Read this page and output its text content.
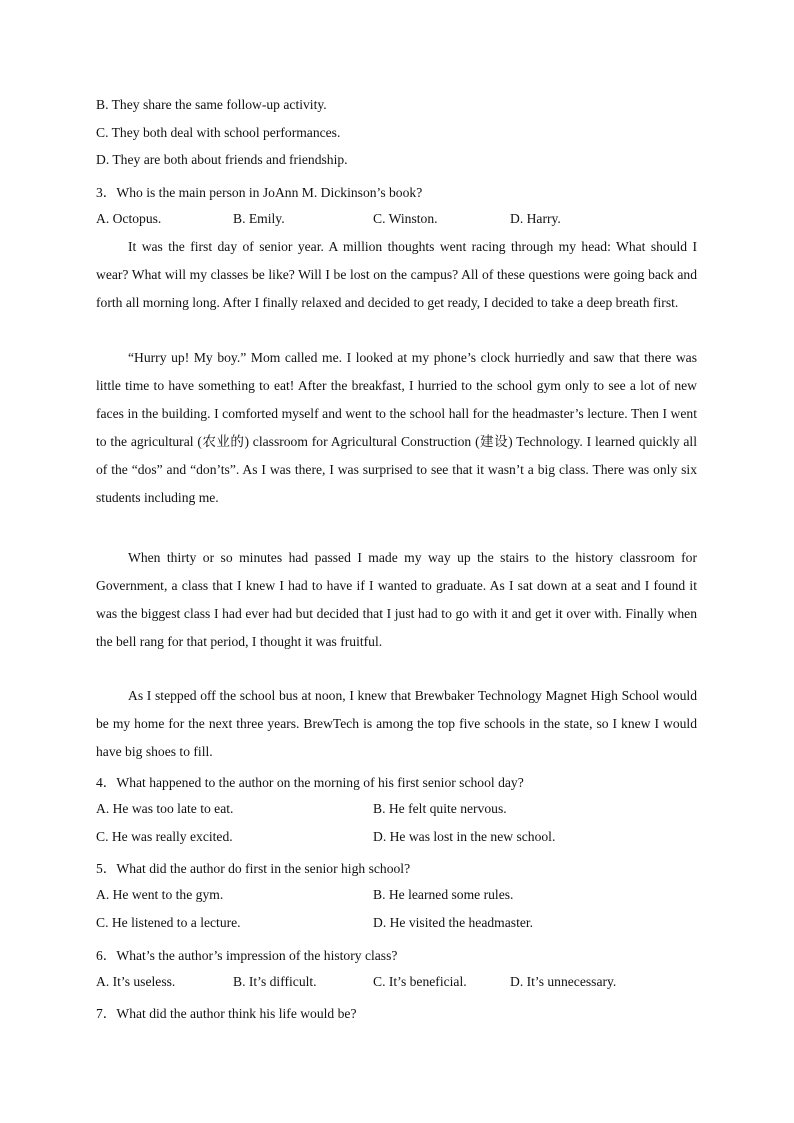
B. They share the same follow-up activity.
C. They both deal with school performances.
D. They are both about friends and friendship.
3．Who is the main person in JoAnn M. Dickinson’s book?
A. Octopus.	B. Emily.	C. Winston.	D. Harry.

It was the first day of senior year. A million thoughts went racing through my head: What should I wear? What will my classes be like? Will I be lost on the campus? All of these questions were going back and forth all morning long. After I finally relaxed and decided to get ready, I decided to take a deep breath first.

“Hurry up! My boy.” Mom called me. I looked at my phone’s clock hurriedly and saw that there was little time to have something to eat! After the breakfast, I hurried to the school gym only to see a lot of new faces in the building. I comforted myself and went to the school hall for the headmaster’s lecture. Then I went to the agricultural (农业的) classroom for Agricultural Construction (建设) Technology. I learned quickly all of the “dos” and “don’ts”. As I was there, I was surprised to see that it wasn’t a big class. There was only six students including me.

When thirty or so minutes had passed I made my way up the stairs to the history classroom for Government, a class that I knew I had to have if I wanted to graduate. As I sat down at a seat and I found it was the biggest class I had ever had but decided that I just had to go with it and get it over with. Finally when the bell rang for that period, I thought it was fruitful.

As I stepped off the school bus at noon, I knew that Brewbaker Technology Magnet High School would be my home for the next three years. BrewTech is among the top five schools in the state, so I knew I would have big shoes to fill.

4．What happened to the author on the morning of his first senior school day?
A. He was too late to eat.	B. He felt quite nervous.
C. He was really excited.	D. He was lost in the new school.
5．What did the author do first in the senior high school?
A. He went to the gym.	B. He learned some rules.
C. He listened to a lecture.	D. He visited the headmaster.
6．What’s the author’s impression of the history class?
A. It’s useless.	B. It’s difficult.	C. It’s beneficial.	D. It’s unnecessary.
7．What did the author think his life would be?
